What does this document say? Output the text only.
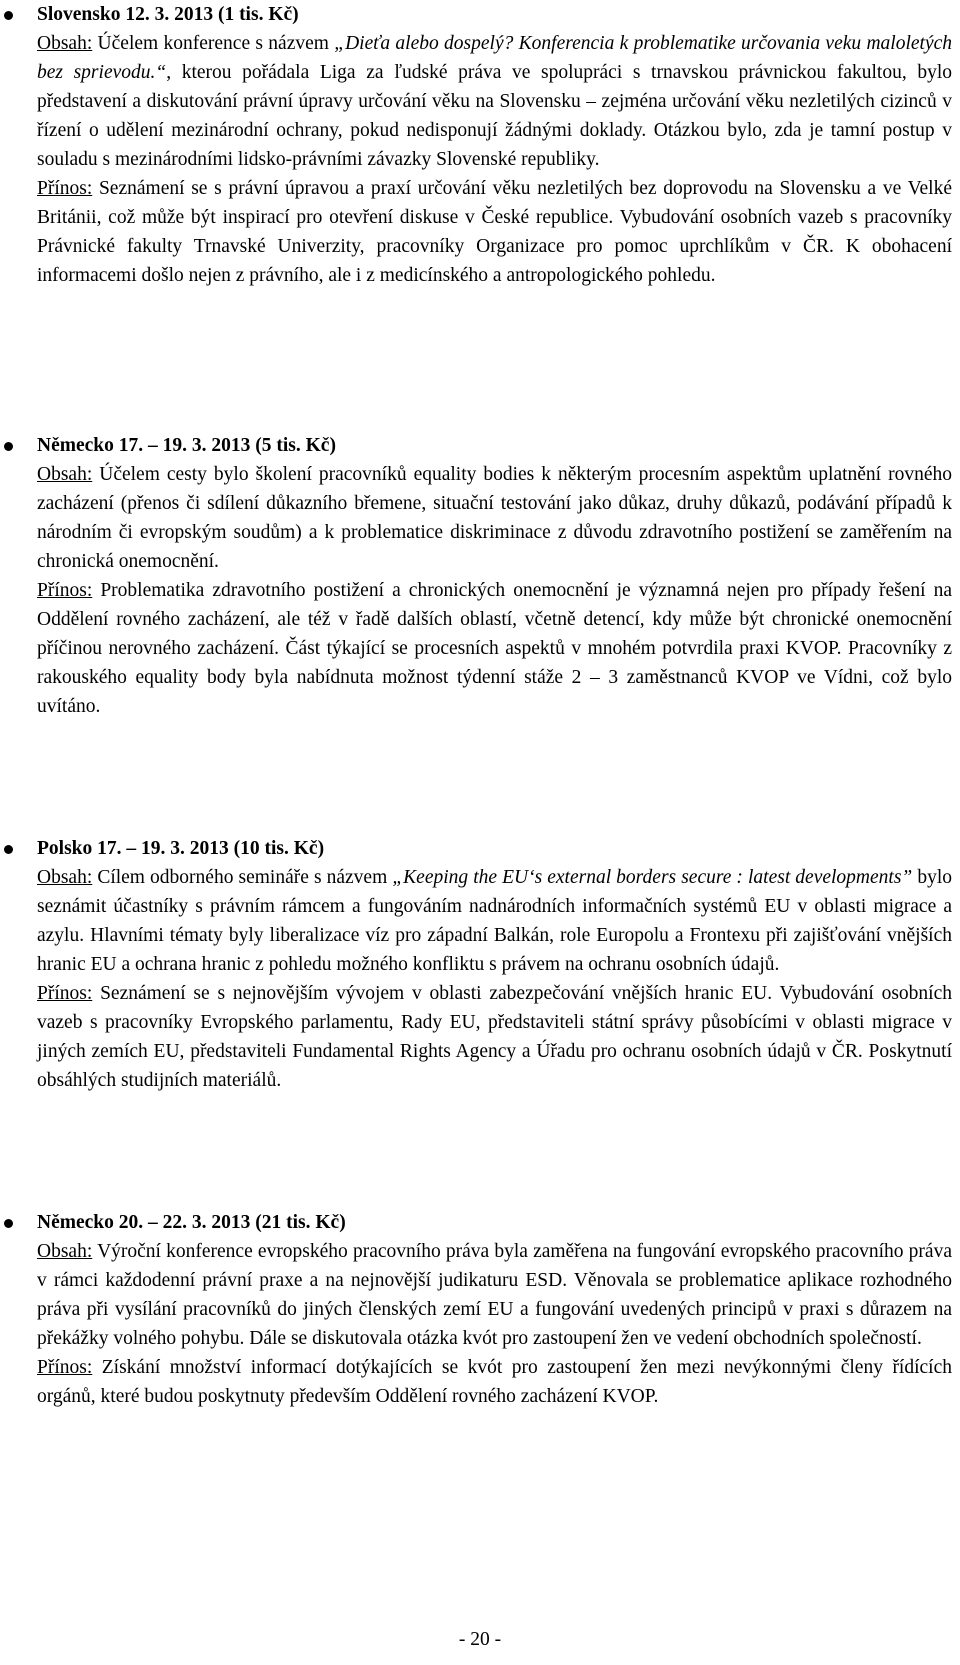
Slovensko 12. 3. 2013 (1 tis. Kč)

Obsah: Účelem konference s názvem „Dieťa alebo dospelý? Konferencia k problematike určovania veku maloletých bez sprievodu.“, kterou pořádala Liga za ľudské práva ve spolupráci s trnavskou právnickou fakultou, bylo představení a diskutování právní úpravy určování věku na Slovensku – zejména určování věku nezletilých cizinců v řízení o udělení mezinárodní ochrany, pokud nedisponují žádnými doklady. Otázkou bylo, zda je tamní postup v souladu s mezinárodními lidsko-právními závazky Slovenské republiky.

Přínos: Seznámení se s právní úpravou a praxí určování věku nezletilých bez doprovodu na Slovensku a ve Velké Británii, což může být inspirací pro otevření diskuse v České republice. Vybudování osobních vazeb s pracovníky Právnické fakulty Trnavské Univerzity, pracovníky Organizace pro pomoc uprchlíkům v ČR. K obohacení informacemi došlo nejen z právního, ale i z medicínského a antropologického pohledu.

Německo 17. – 19. 3. 2013 (5 tis. Kč)

Obsah: Účelem cesty bylo školení pracovníků equality bodies k některým procesním aspektům uplatnění rovného zacházení (přenos či sdílení důkazního břemene, situační testování jako důkaz, druhy důkazů, podávání případů k národním či evropským soudům) a k problematice diskriminace z důvodu zdravotního postižení se zaměřením na chronická onemocnění.

Přínos: Problematika zdravotního postižení a chronických onemocnění je významná nejen pro případy řešení na Oddělení rovného zacházení, ale též v řadě dalších oblastí, včetně detencí, kdy může být chronické onemocnění příčinou nerovného zacházení. Část týkající se procesních aspektů v mnohém potvrdila praxi KVOP. Pracovníky z rakouského equality body byla nabídnuta možnost týdenní stáže 2 – 3 zaměstnanců KVOP ve Vídni, což bylo uvítáno.

Polsko 17. – 19. 3. 2013 (10 tis. Kč)

Obsah: Cílem odborného semináře s názvem „Keeping the EU‘s external borders secure : latest developments” bylo seznámit účastníky s právním rámcem a fungováním nadnárodních informačních systémů EU v oblasti migrace a azylu. Hlavními tématy byly liberalizace víz pro západní Balkán, role Europolu a Frontexu při zajišťování vnějších hranic EU a ochrana hranic z pohledu možného konfliktu s právem na ochranu osobních údajů.

Přínos: Seznámení se s nejnovějším vývojem v oblasti zabezpečování vnějších hranic EU. Vybudování osobních vazeb s pracovníky Evropského parlamentu, Rady EU, představiteli státní správy působícími v oblasti migrace v jiných zemích EU, představiteli Fundamental Rights Agency a Úřadu pro ochranu osobních údajů v ČR. Poskytnutí obsáhlých studijních materiálů.

Německo 20. – 22. 3. 2013 (21 tis. Kč)

Obsah: Výroční konference evropského pracovního práva byla zaměřena na fungování evropského pracovního práva v rámci každodenní právní praxe a na nejnovější judikaturu ESD. Věnovala se problematice aplikace rozhodného práva při vysílání pracovníků do jiných členských zemí EU a fungování uvedených principů v praxi s důrazem na překážky volného pohybu. Dále se diskutovala otázka kvót pro zastoupení žen ve vedení obchodních společností.

Přínos: Získání množství informací dotýkajících se kvót pro zastoupení žen mezi nevýkonnými členy řídících orgánů, které budou poskytnuty především Oddělení rovného zacházení KVOP.

- 20 -
